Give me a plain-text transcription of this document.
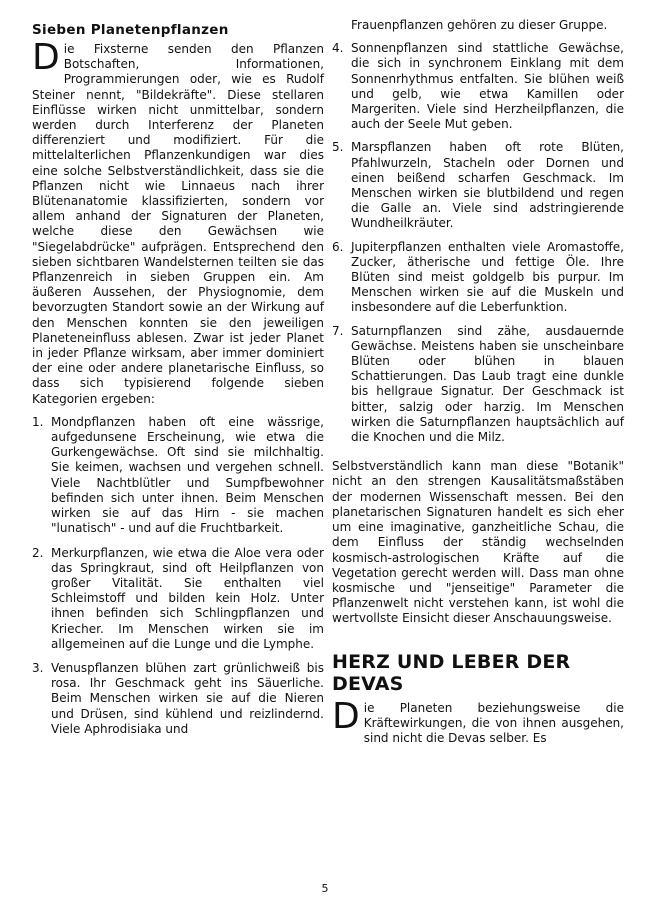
Sieben Planetenpflanzen

Die Fixsterne senden den Pflanzen Botschaften, Informationen, Programmierungen oder, wie es Rudolf Steiner nennt, "Bildekräfte". Diese stellaren Einflüsse wirken nicht unmittelbar, sondern werden durch Interferenz der Planeten differenziert und modifiziert. Für die mittelalterlichen Pflanzenkundigen war dies eine solche Selbstverständlichkeit, dass sie die Pflanzen nicht wie Linnaeus nach ihrer Blütenanatomie klassifizierten, sondern vor allem anhand der Signaturen der Planeten, welche diese den Gewächsen wie "Siegelabdrücke" aufprägen. Entsprechend den sieben sichtbaren Wandelsternen teilten sie das Pflanzenreich in sieben Gruppen ein. Am äußeren Aussehen, der Physiognomie, dem bevorzugten Standort sowie an der Wirkung auf den Menschen konnten sie den jeweiligen Planeteneinfluss ablesen. Zwar ist jeder Planet in jeder Pflanze wirksam, aber immer dominiert der eine oder andere planetarische Einfluss, so dass sich typisierend folgende sieben Kategorien ergeben:

1. Mondpflanzen haben oft eine wässrige, aufgedunsene Erscheinung, wie etwa die Gurkengewächse. Oft sind sie milchhaltig. Sie keimen, wachsen und vergehen schnell. Viele Nachtblütler und Sumpfbewohner befinden sich unter ihnen. Beim Menschen wirken sie auf das Hirn - sie machen "lunatisch" - und auf die Fruchtbarkeit.
2. Merkurpflanzen, wie etwa die Aloe vera oder das Springkraut, sind oft Heilpflanzen von großer Vitalität. Sie enthalten viel Schleimstoff und bilden kein Holz. Unter ihnen befinden sich Schlingpflanzen und Kriecher. Im Menschen wirken sie im allgemeinen auf die Lunge und die Lymphe.
3. Venuspflanzen blühen zart grünlichweiß bis rosa. Ihr Geschmack geht ins Säuerliche. Beim Menschen wirken sie auf die Nieren und Drüsen, sind kühlend und reizlindernd. Viele Aphrodisiaka und

Frauenpflanzen gehören zu dieser Gruppe.

4. Sonnenpflanzen sind stattliche Gewächse, die sich in synchronem Einklang mit dem Sonnenrhythmus entfalten. Sie blühen weiß und gelb, wie etwa Kamillen oder Margeriten. Viele sind Herzheilpflanzen, die auch der Seele Mut geben.
5. Marspflanzen haben oft rote Blüten, Pfahlwurzeln, Stacheln oder Dornen und einen beißend scharfen Geschmack. Im Menschen wirken sie blutbildend und regen die Galle an. Viele sind adstringierende Wundheilkräuter.
6. Jupiterpflanzen enthalten viele Aromastoffe, Zucker, ätherische und fettige Öle. Ihre Blüten sind meist goldgelb bis purpur. Im Menschen wirken sie auf die Muskeln und insbesondere auf die Leberfunktion.
7. Saturnpflanzen sind zähe, ausdauernde Gewächse. Meistens haben sie unscheinbare Blüten oder blühen in blauen Schattierungen. Das Laub tragt eine dunkle bis hellgraue Signatur. Der Geschmack ist bitter, salzig oder harzig. Im Menschen wirken die Saturnpflanzen hauptsächlich auf die Knochen und die Milz.

Selbstverständlich kann man diese "Botanik" nicht an den strengen Kausalitätsmaßstäben der modernen Wissenschaft messen. Bei den planetarischen Signaturen handelt es sich eher um eine imaginative, ganzheitliche Schau, die dem Einfluss der ständig wechselnden kosmisch-astrologischen Kräfte auf die Vegetation gerecht werden will. Dass man ohne kosmische und "jenseitige" Parameter die Pflanzenwelt nicht verstehen kann, ist wohl die wertvollste Einsicht dieser Anschauungsweise.

HERZ UND LEBER DER DEVAS

Die Planeten beziehungsweise die Kräftewirkungen, die von ihnen ausgehen, sind nicht die Devas selber. Es

5
